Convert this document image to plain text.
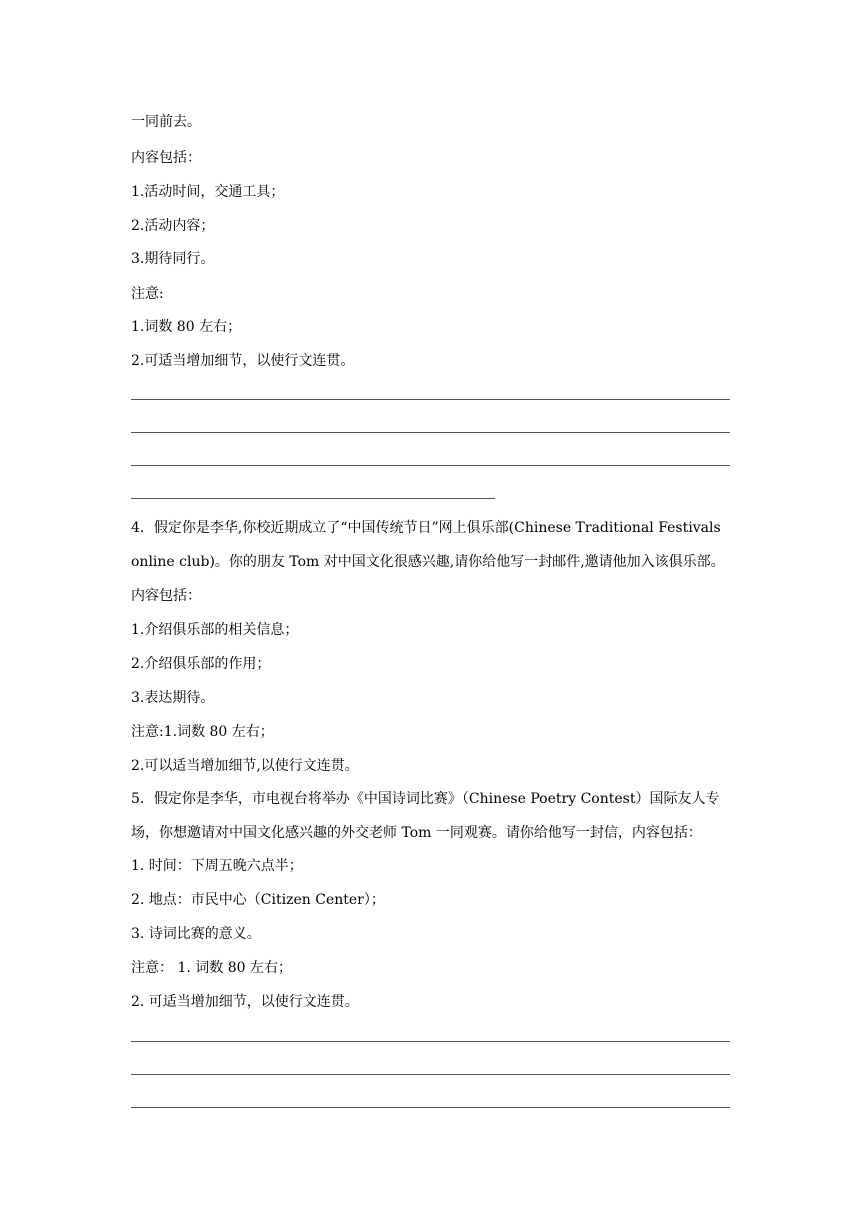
一同前去。
内容包括：
1.活动时间，交通工具；
2.活动内容；
3.期待同行。
注意:
1.词数 80 左右；
2.可适当增加细节，以使行文连贯。
4．假定你是李华,你校近期成立了“中国传统节日”网上俱乐部(Chinese Traditional Festivals
online club)。你的朋友 Tom 对中国文化很感兴趣,请你给他写一封邮件,邀请他加入该俱乐部。
内容包括：
1.介绍俱乐部的相关信息；
2.介绍俱乐部的作用；
3.表达期待。
注意:1.词数 80 左右；
2.可以适当增加细节,以使行文连贯。
5．假定你是李华，市电视台将举办《中国诗词比赛》（Chinese Poetry Contest）国际友人专
场，你想邀请对中国文化感兴趣的外交老师 Tom 一同观赛。请你给他写一封信，内容包括：
1. 时间：下周五晚六点半；
2. 地点：市民中心（Citizen Center）；
3. 诗词比赛的意义。
注意： 1. 词数 80 左右；
2. 可适当增加细节，以使行文连贯。
